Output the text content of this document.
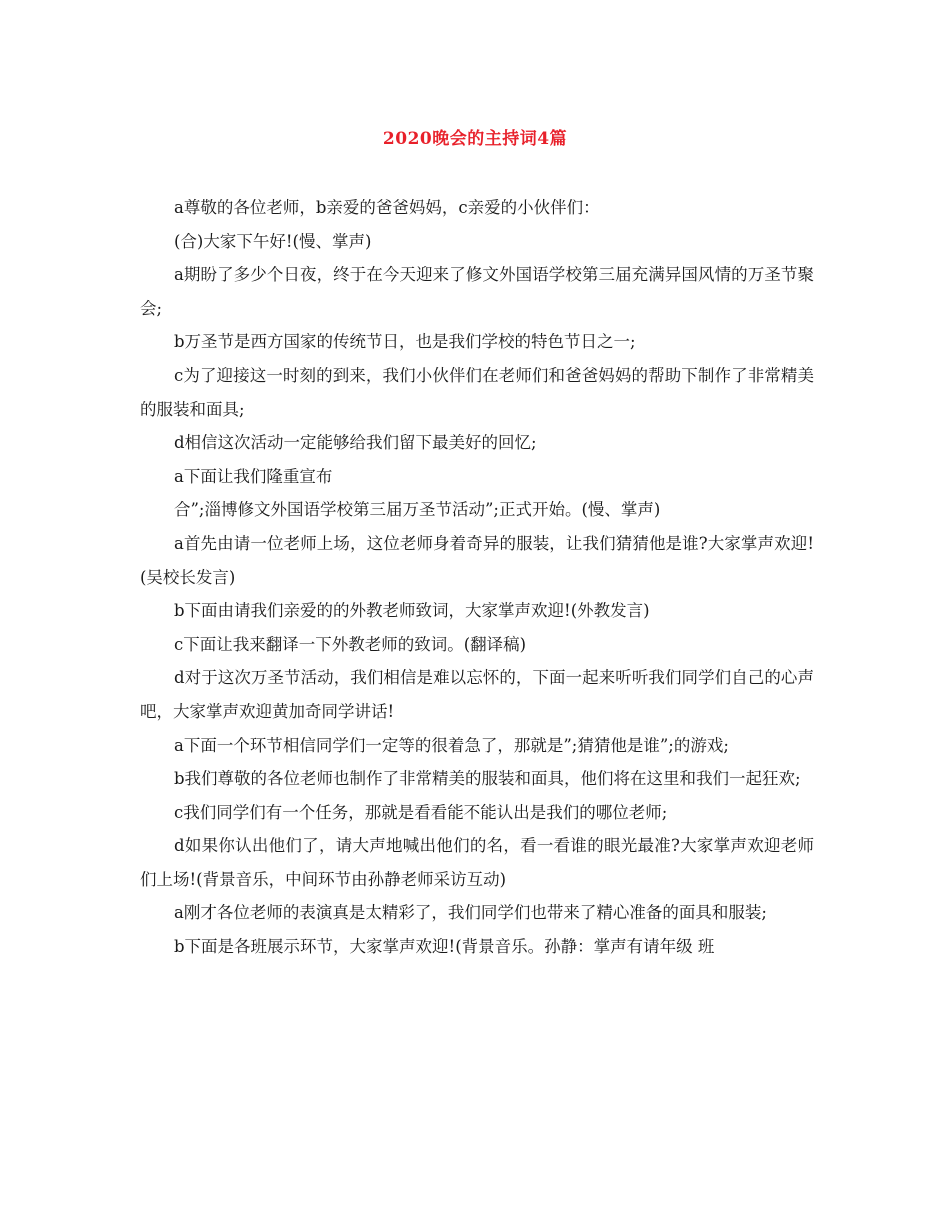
2020晚会的主持词4篇

a尊敬的各位老师，b亲爱的爸爸妈妈，c亲爱的小伙伴们：

(合)大家下午好!(慢、掌声)

a期盼了多少个日夜，终于在今天迎来了修文外国语学校第三届充满异国风情的万圣节聚会;

b万圣节是西方国家的传统节日，也是我们学校的特色节日之一;

c为了迎接这一时刻的到来，我们小伙伴们在老师们和爸爸妈妈的帮助下制作了非常精美的服装和面具;

d相信这次活动一定能够给我们留下最美好的回忆;

a下面让我们隆重宣布

合”;淄博修文外国语学校第三届万圣节活动”;正式开始。(慢、掌声)

a首先由请一位老师上场，这位老师身着奇异的服装，让我们猜猜他是谁?大家掌声欢迎!(吴校长发言)

b下面由请我们亲爱的的外教老师致词，大家掌声欢迎!(外教发言)

c下面让我来翻译一下外教老师的致词。(翻译稿)

d对于这次万圣节活动，我们相信是难以忘怀的，下面一起来听听我们同学们自己的心声吧，大家掌声欢迎黄加奇同学讲话!

a下面一个环节相信同学们一定等的很着急了，那就是”;猜猜他是谁”;的游戏;

b我们尊敬的各位老师也制作了非常精美的服装和面具，他们将在这里和我们一起狂欢;

c我们同学们有一个任务，那就是看看能不能认出是我们的哪位老师;

d如果你认出他们了，请大声地喊出他们的名，看一看谁的眼光最准?大家掌声欢迎老师们上场!(背景音乐，中间环节由孙静老师采访互动)

a刚才各位老师的表演真是太精彩了，我们同学们也带来了精心准备的面具和服装;

b下面是各班展示环节，大家掌声欢迎!(背景音乐。孙静：掌声有请年级 班
